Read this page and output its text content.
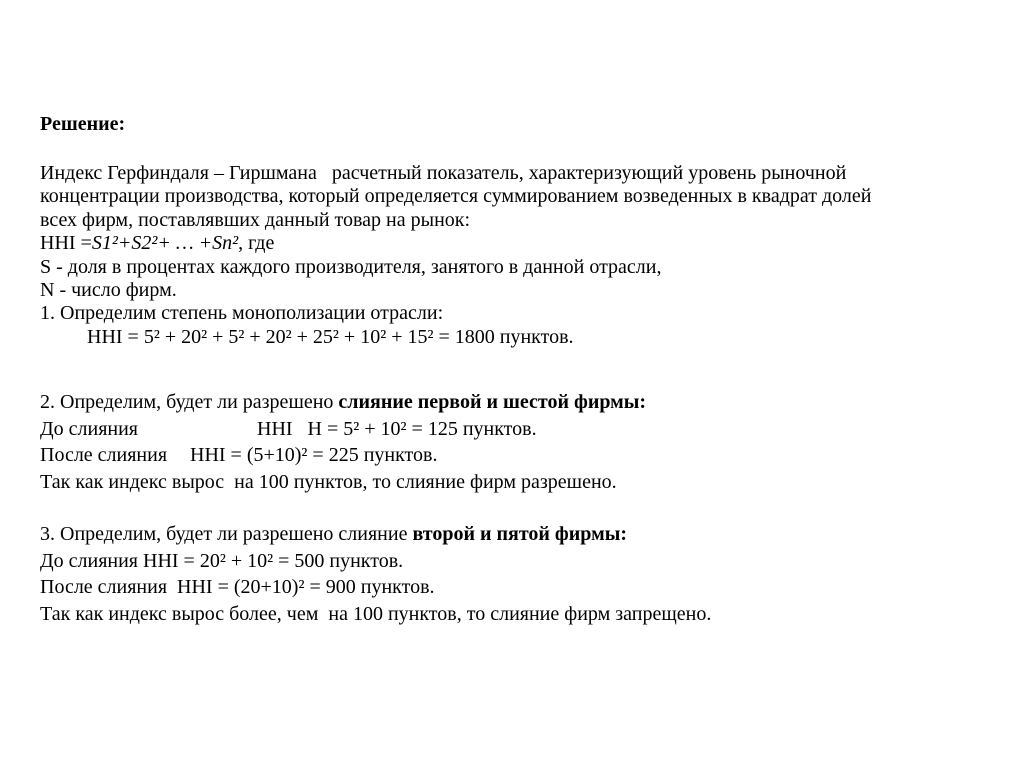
Решение:
Индекс Герфиндаля – Гиршмана   расчетный показатель, характеризующий уровень рыночной
концентрации производства, который определяется суммированием возведенных в квадрат долей
всех фирм, поставлявших данный товар на рынок:
HHI =S1²+S2²+ … +Sn², где
S - доля в процентах каждого производителя, занятого в данной отрасли,
N - число фирм.
1. Определим степень монополизации отрасли:
HHI = 5² + 20² + 5² + 20² + 25² + 10² + 15² = 1800 пунктов.
2. Определим, будет ли разрешено слияние первой и шестой фирмы:
До слияния	HHI   H = 5² + 10² = 125 пунктов.
После слияния HHI = (5+10)² = 225 пунктов.
Так как индекс вырос  на 100 пунктов, то слияние фирм разрешено.
3. Определим, будет ли разрешено слияние второй и пятой фирмы:
До слияния HHI = 20² + 10² = 500 пунктов.
После слияния  HHI = (20+10)² = 900 пунктов.
Так как индекс вырос более, чем  на 100 пунктов, то слияние фирм запрещено.
